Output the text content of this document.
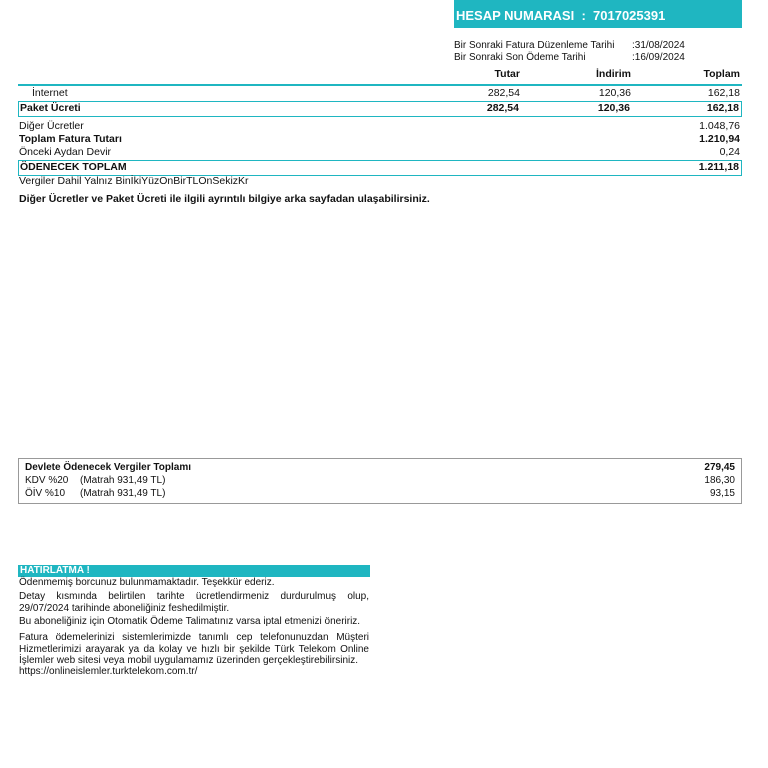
HESAP NUMARASI  :  7017025391
Bir Sonraki Fatura Düzenleme Tarihi :31/08/2024
Bir Sonraki Son Ödeme Tarihi	:16/09/2024
Tutar	İndirim	Toplam
İnternet	282,54	120,36	162,18
Paket Ücreti	282,54	120,36	162,18
Diğer Ücretler	1.048,76
Toplam Fatura Tutarı	1.210,94
Önceki Aydan Devir	0,24
ÖDENECEK TOPLAM	1.211,18
Vergiler Dahil Yalnız BinİkiYüzOnBirTLOnSekizKr
Diğer Ücretler ve Paket Ücreti ile ilgili ayrıntılı bilgiye arka sayfadan ulaşabilirsiniz.
Devlete Ödenecek Vergiler Toplamı	279,45
KDV %20 (Matrah 931,49 TL)	186,30
ÖİV %10 (Matrah 931,49 TL)	93,15
HATIRLATMA !

Ödenmemiş borcunuz bulunmamaktadır. Teşekkür ederiz.

Detay kısmında belirtilen tarihte ücretlendirmeniz durdurulmuş olup, 29/07/2024 tarihinde aboneliğiniz feshedilmiştir.

Bu aboneliğiniz için Otomatik Ödeme Talimatınız varsa iptal etmenizi öneririz.

Fatura ödemelerinizi sistemlerimizde tanımlı cep telefonunuzdan Müşteri Hizmetlerimizi arayarak ya da kolay ve hızlı bir şekilde Türk Telekom Online İşlemler web sitesi veya mobil uygulamamız üzerinden gerçekleştirebilirsiniz.

https://onlineislemler.turktelekom.com.tr/
